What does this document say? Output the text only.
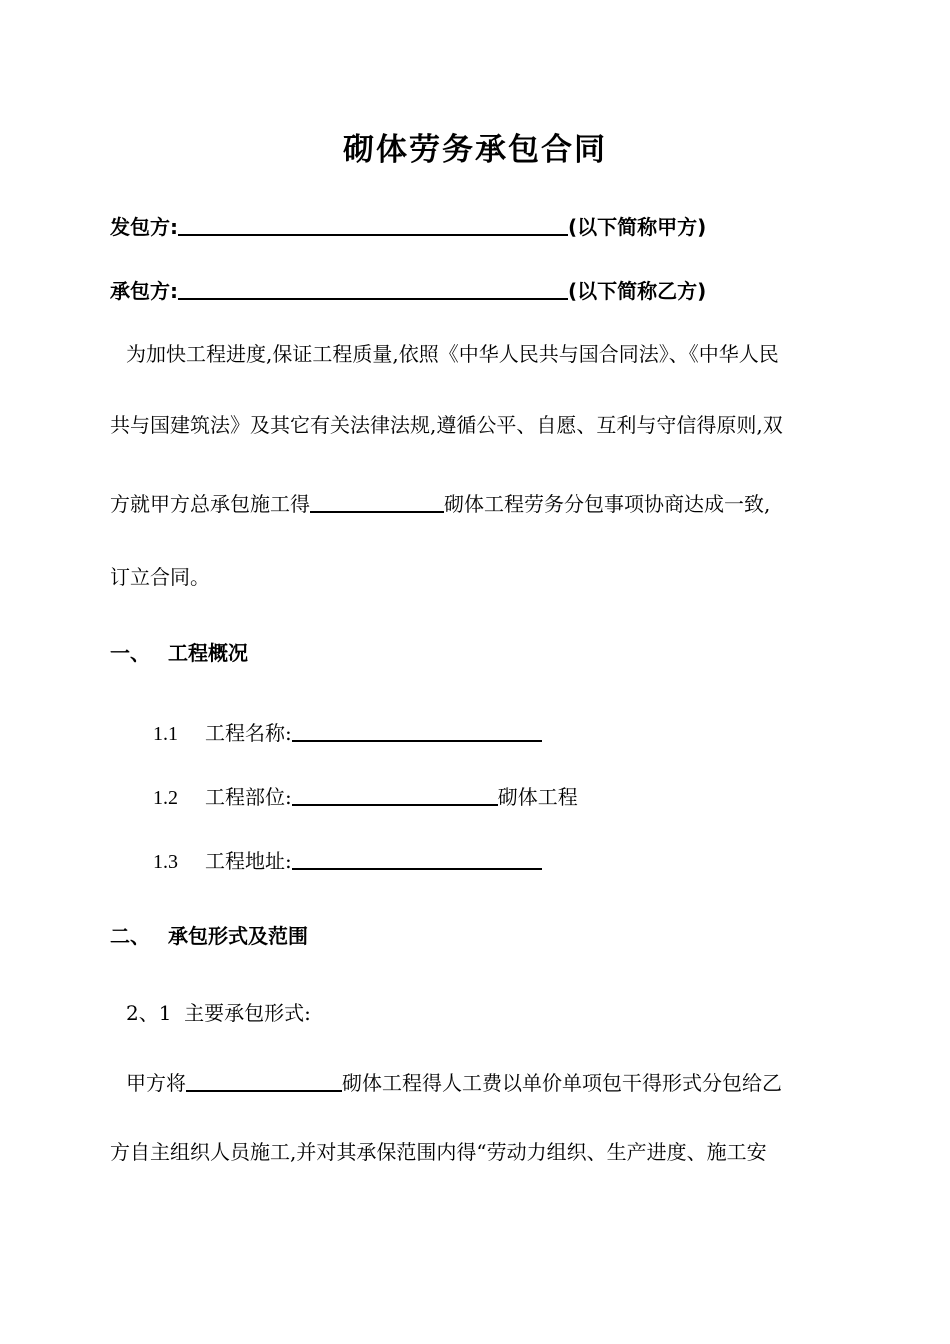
砌体劳务承包合同
发包方:	(以下简称甲方)
承包方:	(以下简称乙方)
为加快工程进度,保证工程质量,依照《中华人民共与国合同法》、《中华人民
共与国建筑法》及其它有关法律法规,遵循公平、自愿、互利与守信得原则,双
方就甲方总承包施工得	砌体工程劳务分包事项协商达成一致,
订立合同。
一、 工程概况
1.1 工程名称:
1.2 工程部位:	砌体工程
1.3 工程地址:
二、 承包形式及范围
2、1  主要承包形式:
甲方将	砌体工程得人工费以单价单项包干得形式分包给乙
方自主组织人员施工,并对其承保范围内得“劳动力组织、生产进度、施工安
